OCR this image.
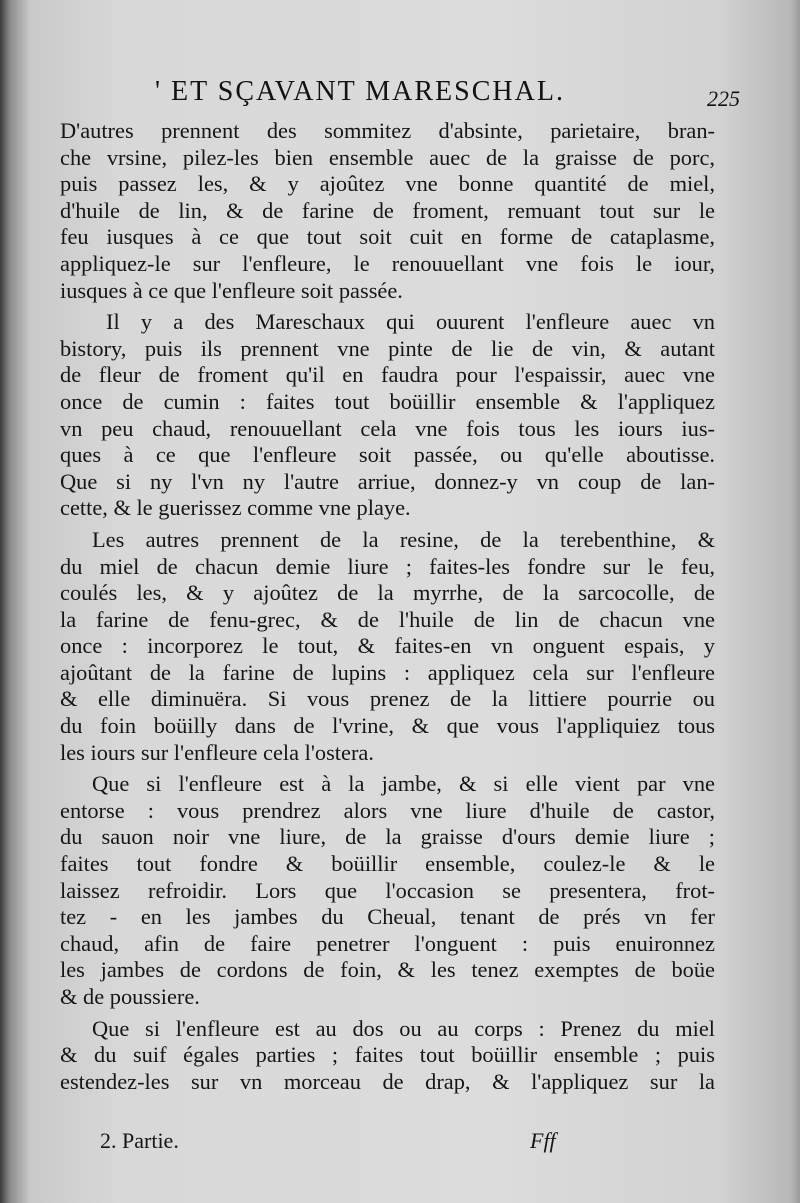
' ET SÇAVANT MARESCHAL.	225
D'autres prennent des sommitez d'absinte, parietaire, bran-
che vrsine, pilez-les bien ensemble auec de la graisse de porc,
puis passez les, & y ajoûtez vne bonne quantité de miel,
d'huile de lin, & de farine de froment, remuant tout sur le
feu iusques à ce que tout soit cuit en forme de cataplasme,
appliquez-le sur l'enfleure, le renouuellant vne fois le iour,
iusques à ce que l'enfleure soit passée.
Il y a des Mareschaux qui ouurent l'enfleure auec vn
bistory, puis ils prennent vne pinte de lie de vin, & autant
de fleur de froment qu'il en faudra pour l'espaissir, auec vne
once de cumin : faites tout boüillir ensemble & l'appliquez
vn peu chaud, renouuellant cela vne fois tous les iours ius-
ques à ce que l'enfleure soit passée, ou qu'elle aboutisse.
Que si ny l'vn ny l'autre arriue, donnez-y vn coup de lan-
cette, & le guerissez comme vne playe.
Les autres prennent de la resine, de la terebenthine, &
du miel de chacun demie liure ; faites-les fondre sur le feu,
coulés les, & y ajoûtez de la myrrhe, de la sarcocolle, de
la farine de fenu-grec, & de l'huile de lin de chacun vne
once : incorporez le tout, & faites-en vn onguent espais, y
ajoûtant de la farine de lupins : appliquez cela sur l'enfleure
& elle diminuëra. Si vous prenez de la littiere pourrie ou
du foin boüilly dans de l'vrine, & que vous l'appliquiez tous
les iours sur l'enfleure cela l'ostera.
Que si l'enfleure est à la jambe, & si elle vient par vne
entorse : vous prendrez alors vne liure d'huile de castor,
du sauon noir vne liure, de la graisse d'ours demie liure ;
faites tout fondre & boüillir ensemble, coulez-le & le
laissez refroidir. Lors que l'occasion se presentera, frot-
tez - en les jambes du Cheual, tenant de prés vn fer
chaud, afin de faire penetrer l'onguent : puis enuironnez
les jambes de cordons de foin, & les tenez exemptes de boüe
& de poussiere.
Que si l'enfleure est au dos ou au corps : Prenez du miel
& du suif égales parties ; faites tout boüillir ensemble ; puis
estendez-les sur vn morceau de drap, & l'appliquez sur la
2. Partie.	Fff
